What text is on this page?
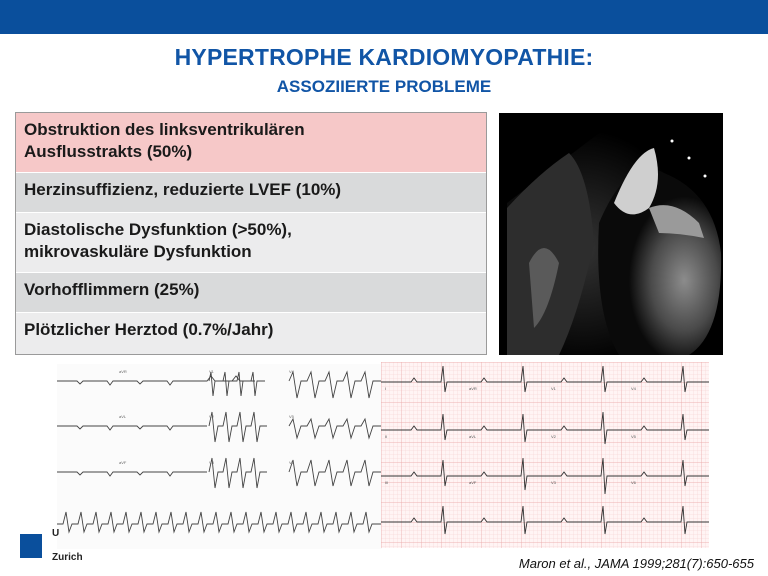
HYPERTROPHE KARDIOMYOPATHIE:
ASSOZIIERTE PROBLEME
Obstruktion des linksventrikulären
Ausflusstrakts (50%)
Herzinsuffizienz, reduzierte LVEF (10%)
Diastolische Dysfunktion (>50%),
mikrovaskuläre Dysfunktion
Vorhofflimmern (25%)
Plötzlicher Herztod (0.7%/Jahr)
aVR	V1	V4
aVL	V2	V5
aVF	V3	V6
I
II
III
aVR
aVL
aVF
V1
V2
V3
V4
V5
V6
U
Zurich	Maron et al., JAMA 1999;281(7):650-655
